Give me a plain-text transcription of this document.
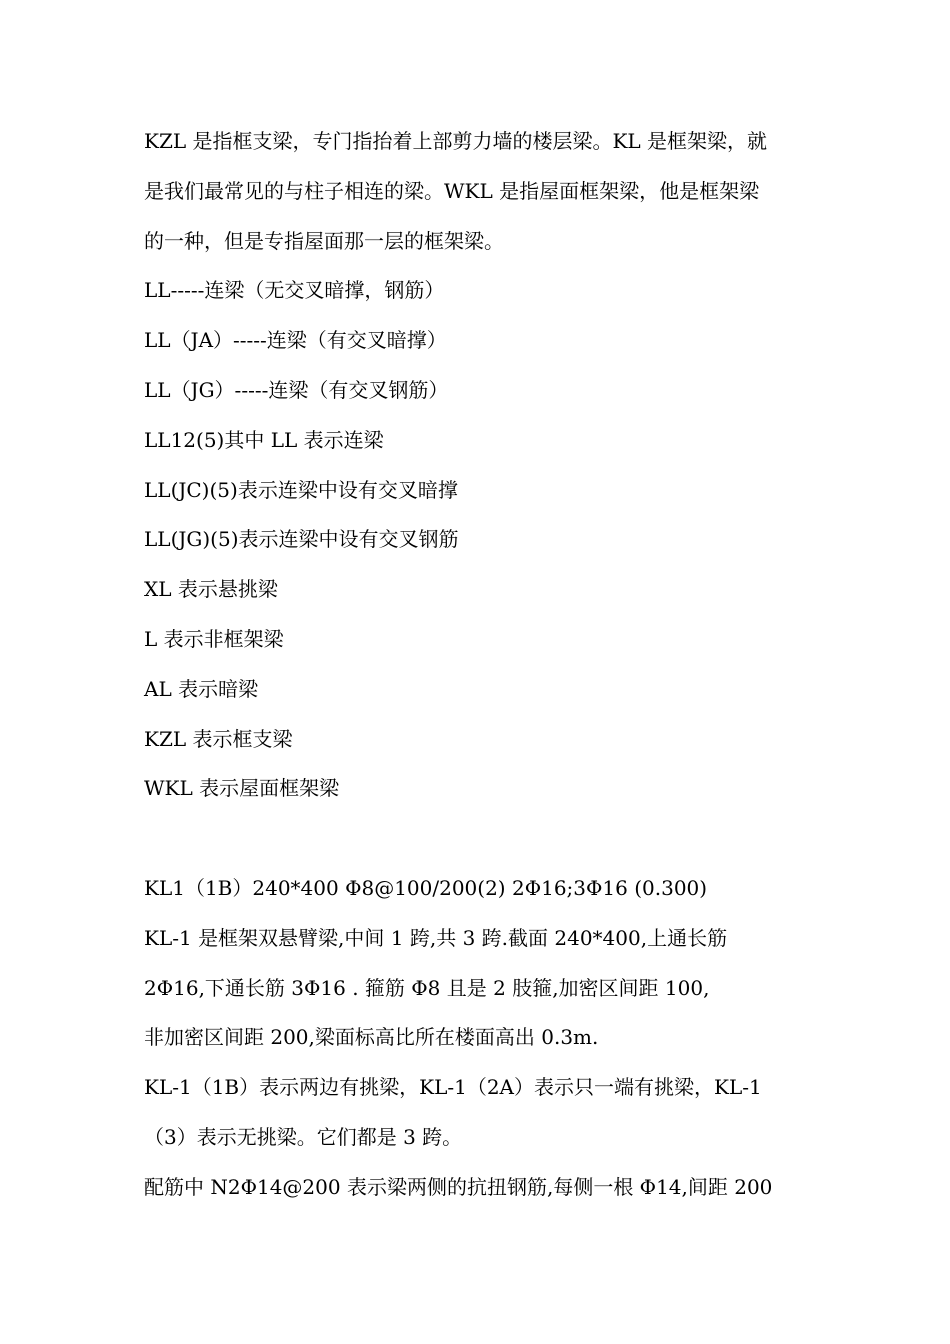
KZL 是指框支梁，专门指抬着上部剪力墙的楼层梁。KL 是框架梁，就
是我们最常见的与柱子相连的梁。WKL 是指屋面框架梁，他是框架梁
的一种，但是专指屋面那一层的框架梁。
LL-----连梁（无交叉暗撑，钢筋）
LL（JA）-----连梁（有交叉暗撑）
LL（JG）-----连梁（有交叉钢筋）
LL12(5)其中 LL 表示连梁
LL(JC)(5)表示连梁中设有交叉暗撑
LL(JG)(5)表示连梁中设有交叉钢筋
XL 表示悬挑梁
L 表示非框架梁
AL 表示暗梁
KZL 表示框支梁
WKL 表示屋面框架梁
KL1（1B）240*400 Φ8@100/200(2) 2Φ16;3Φ16 (0.300)
KL-1 是框架双悬臂梁,中间 1 跨,共 3 跨.截面 240*400,上通长筋
2Φ16,下通长筋 3Φ16 . 箍筋 Φ8 且是 2 肢箍,加密区间距 100,
非加密区间距 200,梁面标高比所在楼面高出 0.3m.
KL-1（1B）表示两边有挑梁，KL-1（2A）表示只一端有挑梁，KL-1
（3）表示无挑梁。它们都是 3 跨。
配筋中 N2Φ14@200 表示梁两侧的抗扭钢筋,每侧一根 Φ14,间距 200
